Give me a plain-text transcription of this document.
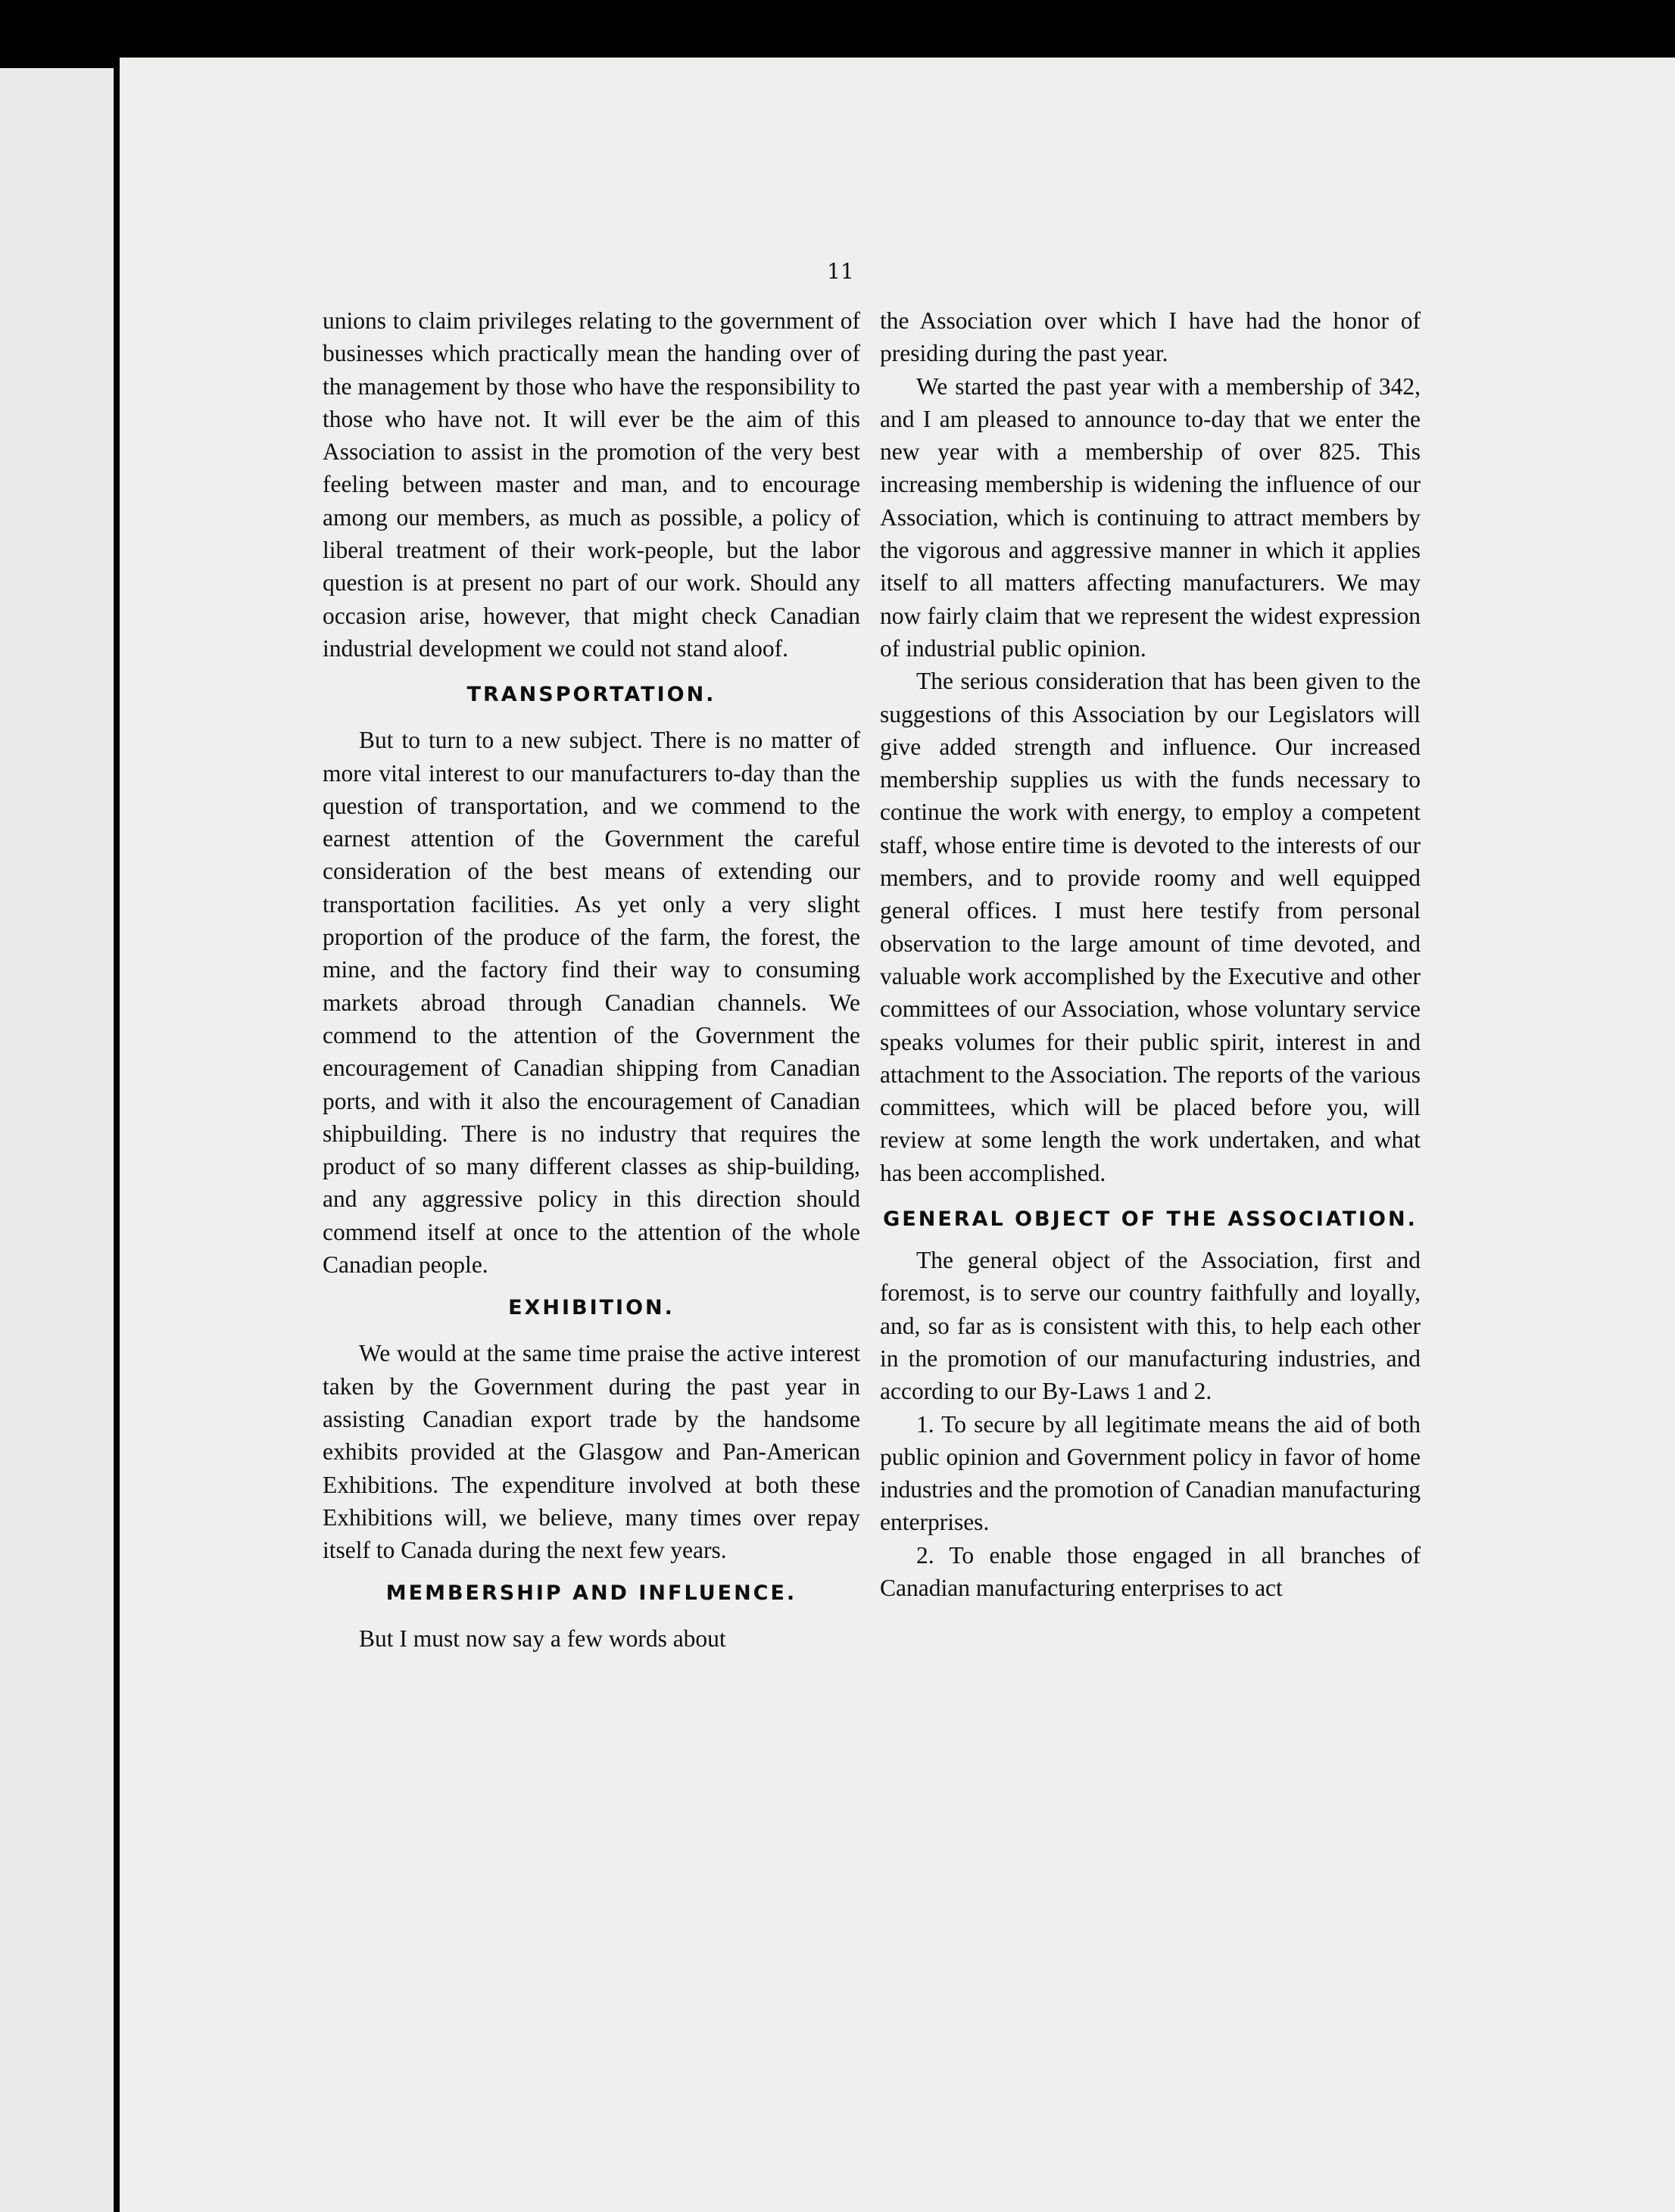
11

unions to claim privileges relating to the government of businesses which practically mean the handing over of the management by those who have the responsibility to those who have not. It will ever be the aim of this Association to assist in the promotion of the very best feeling between master and man, and to encourage among our members, as much as possible, a policy of liberal treatment of their work-people, but the labor question is at present no part of our work. Should any occasion arise, however, that might check Canadian industrial development we could not stand aloof.

TRANSPORTATION.

But to turn to a new subject. There is no matter of more vital interest to our manufacturers to-day than the question of transportation, and we commend to the earnest attention of the Government the careful consideration of the best means of extending our transportation facilities. As yet only a very slight proportion of the produce of the farm, the forest, the mine, and the factory find their way to consuming markets abroad through Canadian channels. We commend to the attention of the Government the encouragement of Canadian shipping from Canadian ports, and with it also the encouragement of Canadian shipbuilding. There is no industry that requires the product of so many different classes as ship-building, and any aggressive policy in this direction should commend itself at once to the attention of the whole Canadian people.

EXHIBITION.

We would at the same time praise the active interest taken by the Government during the past year in assisting Canadian export trade by the handsome exhibits provided at the Glasgow and Pan-American Exhibitions. The expenditure involved at both these Exhibitions will, we believe, many times over repay itself to Canada during the next few years.

MEMBERSHIP AND INFLUENCE.

But I must now say a few words about

the Association over which I have had the honor of presiding during the past year.

We started the past year with a membership of 342, and I am pleased to announce to-day that we enter the new year with a membership of over 825. This increasing membership is widening the influence of our Association, which is continuing to attract members by the vigorous and aggressive manner in which it applies itself to all matters affecting manufacturers. We may now fairly claim that we represent the widest expression of industrial public opinion.

The serious consideration that has been given to the suggestions of this Association by our Legislators will give added strength and influence. Our increased membership supplies us with the funds necessary to continue the work with energy, to employ a competent staff, whose entire time is devoted to the interests of our members, and to provide roomy and well equipped general offices. I must here testify from personal observation to the large amount of time devoted, and valuable work accomplished by the Executive and other committees of our Association, whose voluntary service speaks volumes for their public spirit, interest in and attachment to the Association. The reports of the various committees, which will be placed before you, will review at some length the work undertaken, and what has been accomplished.

GENERAL OBJECT OF THE ASSOCIATION.

The general object of the Association, first and foremost, is to serve our country faithfully and loyally, and, so far as is consistent with this, to help each other in the promotion of our manufacturing industries, and according to our By-Laws 1 and 2.

1. To secure by all legitimate means the aid of both public opinion and Government policy in favor of home industries and the promotion of Canadian manufacturing enterprises.

2. To enable those engaged in all branches of Canadian manufacturing enterprises to act
